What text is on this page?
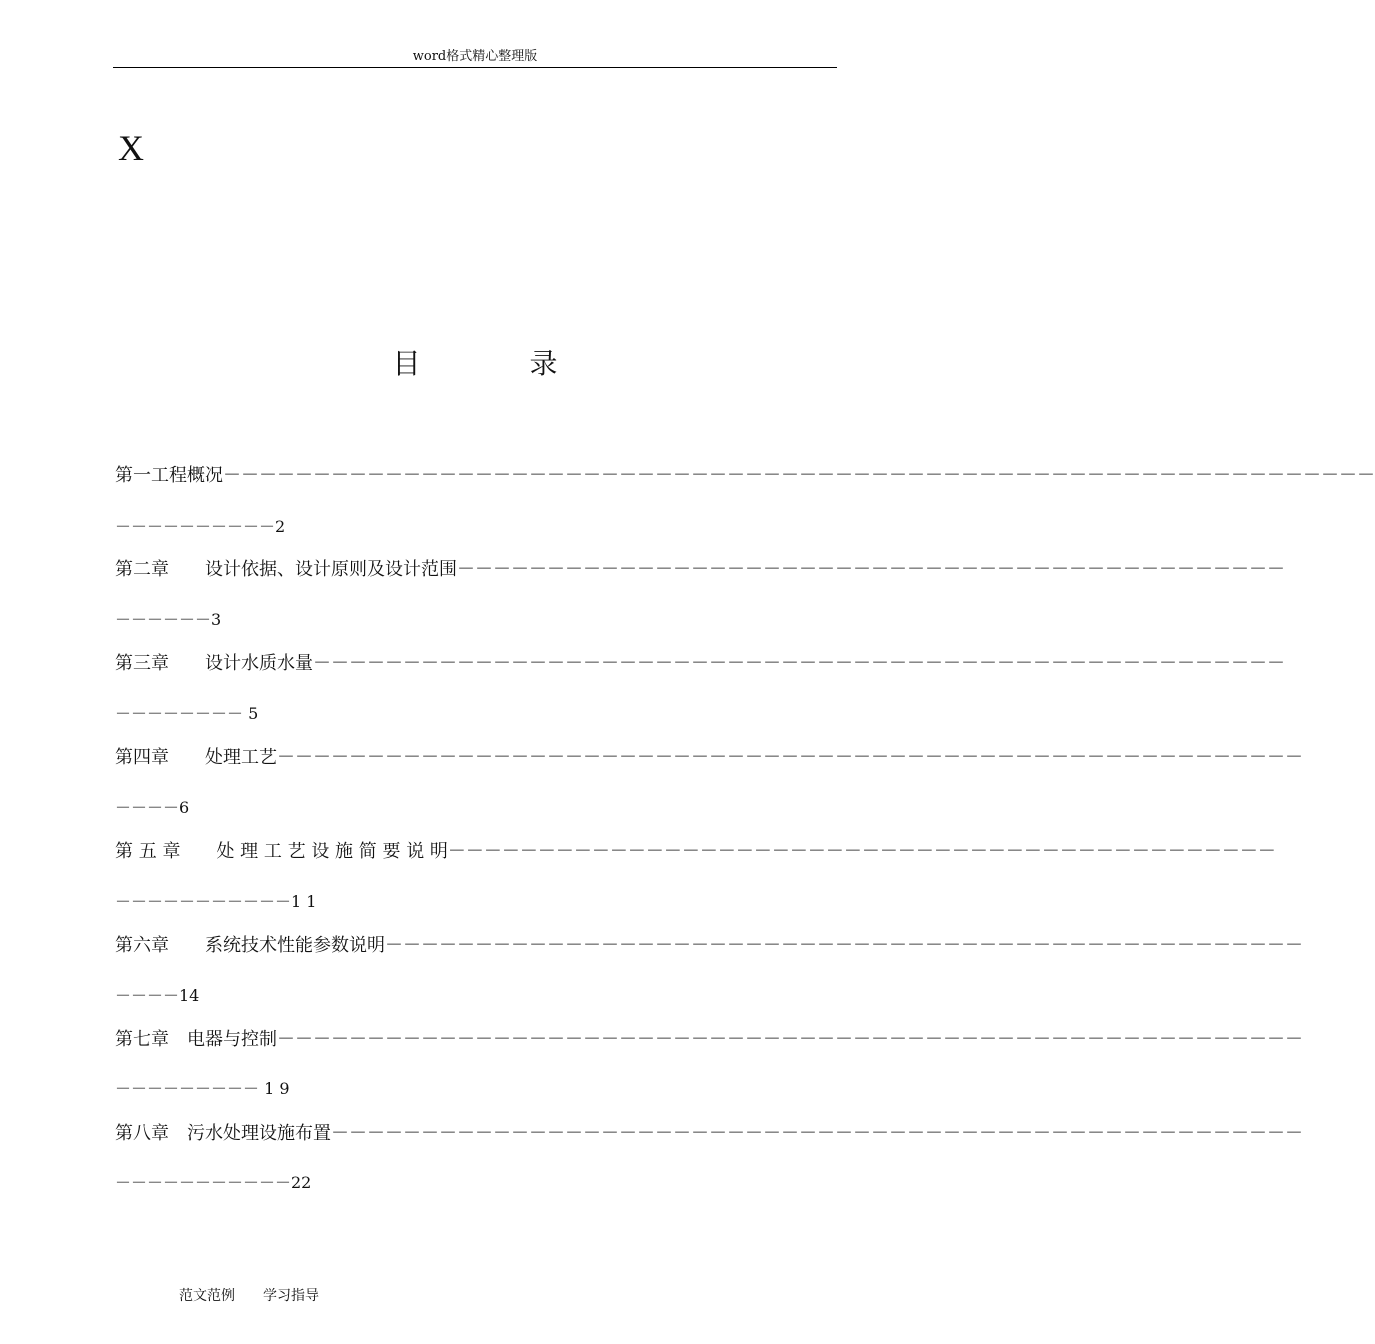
word格式精心整理版
X
目 录
第一工程概况－－－－－－－－－－－－－－－－－－－－－－－－－－－－－－－－－－－－－－－－－－－－－－－－－－－－－－－－－－－－－－－－
－－－－－－－－－－2
第二章　　设计依据、设计原则及设计范围－－－－－－－－－－－－－－－－－－－－－－－－－－－－－－－－－－－－－－－－－－－－－－
－－－－－－3
第三章　　设计水质水量－－－－－－－－－－－－－－－－－－－－－－－－－－－－－－－－－－－－－－－－－－－－－－－－－－－－－－
－－－－－－－－ 5
第四章　　处理工艺－－－－－－－－－－－－－－－－－－－－－－－－－－－－－－－－－－－－－－－－－－－－－－－－－－－－－－－－－
－－－－6
第 五 章　　处 理 工 艺 设 施 简 要 说 明－－－－－－－－－－－－－－－－－－－－－－－－－－－－－－－－－－－－－－－－－－－－－－
－－－－－－－－－－－1 1
第六章　　系统技术性能参数说明－－－－－－－－－－－－－－－－－－－－－－－－－－－－－－－－－－－－－－－－－－－－－－－－－－－
－－－－14
第七章　电器与控制－－－－－－－－－－－－－－－－－－－－－－－－－－－－－－－－－－－－－－－－－－－－－－－－－－－－－－－－－
－－－－－－－－－ 1 9
第八章　污水处理设施布置－－－－－－－－－－－－－－－－－－－－－－－－－－－－－－－－－－－－－－－－－－－－－－－－－－－－－－
－－－－－－－－－－－22
范文范例　　学习指导
